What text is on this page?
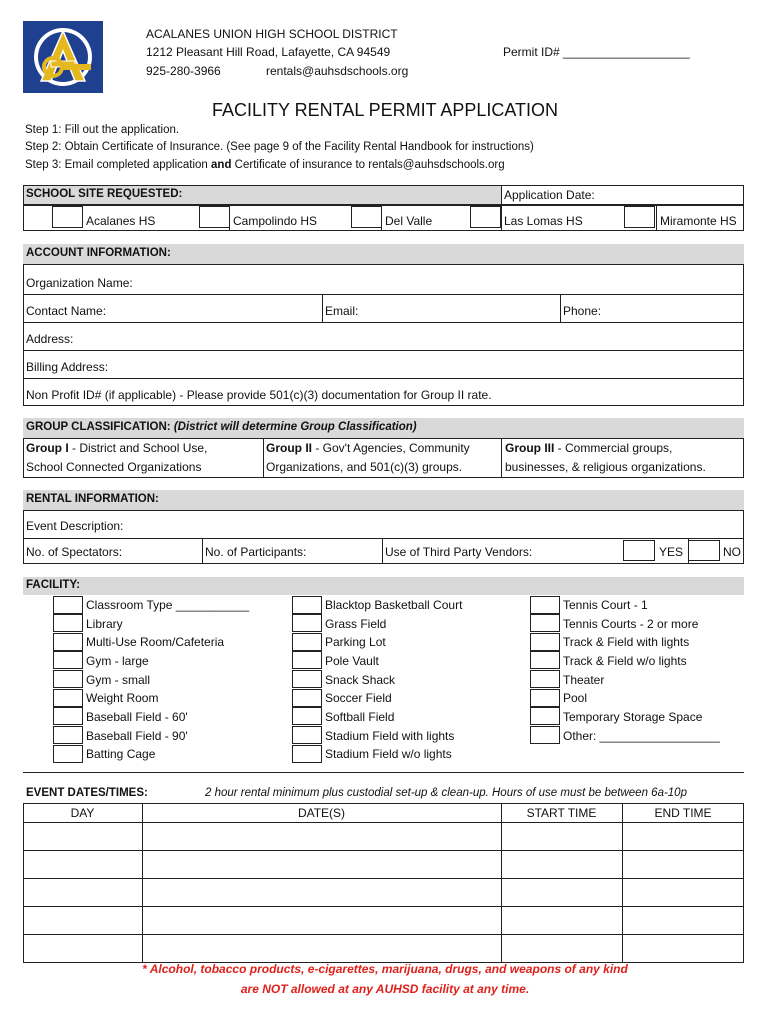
ACALANES UNION HIGH SCHOOL DISTRICT
1212 Pleasant Hill Road, Lafayette, CA 94549
925-280-3966	rentals@auhsdschools.org
Permit ID# ___________________
FACILITY RENTAL PERMIT APPLICATION
Step 1: Fill out the application.
Step 2: Obtain Certificate of Insurance. (See page 9 of the Facility Rental Handbook for instructions)
Step 3: Email completed application and Certificate of insurance to rentals@auhsdschools.org
SCHOOL SITE REQUESTED:	Application Date:
Acalanes HS	Campolindo HS	Del Valle	Las Lomas HS	Miramonte HS
ACCOUNT INFORMATION:
Organization Name:
Contact Name:	Email:	Phone:
Address:
Billing Address:
Non Profit ID# (if applicable) - Please provide 501(c)(3) documentation for Group II rate.
GROUP CLASSIFICATION: (District will determine Group Classification)
Group I - District and School Use,
School Connected Organizations
Group II - Gov't Agencies, Community
Organizations, and 501(c)(3) groups.
Group III - Commercial groups,
businesses, & religious organizations.
RENTAL INFORMATION:
Event Description:
No. of Spectators:	No. of Participants:	Use of Third Party Vendors:	YES	NO
FACILITY:
Classroom Type ___________
Library
Multi-Use Room/Cafeteria
Gym - large
Gym - small
Weight Room
Baseball Field - 60'
Baseball Field - 90'
Batting Cage
Blacktop Basketball Court
Grass Field
Parking Lot
Pole Vault
Snack Shack
Soccer Field
Softball Field
Stadium Field with lights
Stadium Field w/o lights
Tennis Court - 1
Tennis Courts - 2 or more
Track & Field with lights
Track & Field w/o lights
Theater
Pool
Temporary Storage Space
Other: __________________
EVENT DATES/TIMES:	2 hour rental minimum plus custodial set-up & clean-up. Hours of use must be between 6a-10p
DAY	DATE(S)	START TIME	END TIME
* Alcohol, tobacco products, e-cigarettes, marijuana, drugs, and weapons of any kind
are NOT allowed at any AUHSD facility at any time.
